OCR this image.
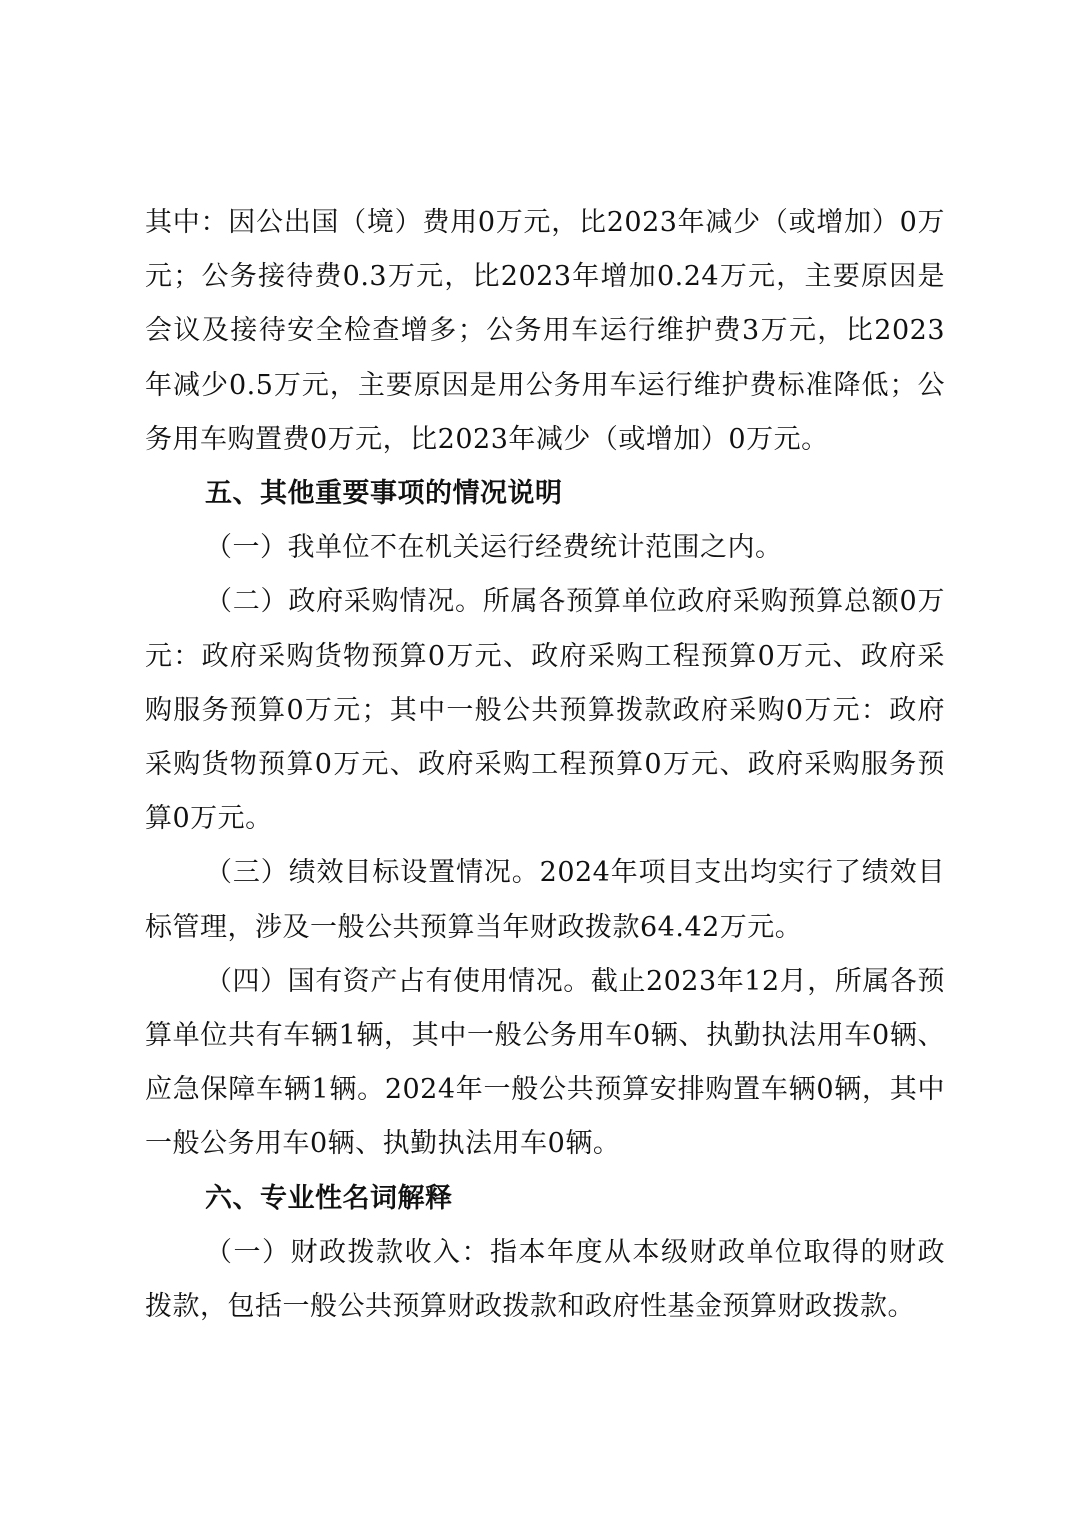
其中：因公出国（境）费用0万元，比2023年减少（或增加）0万元；公务接待费0.3万元，比2023年增加0.24万元，主要原因是会议及接待安全检查增多；公务用车运行维护费3万元，比2023年减少0.5万元，主要原因是用公务用车运行维护费标准降低；公务用车购置费0万元，比2023年减少（或增加）0万元。

五、其他重要事项的情况说明

（一）我单位不在机关运行经费统计范围之内。

（二）政府采购情况。所属各预算单位政府采购预算总额0万元：政府采购货物预算0万元、政府采购工程预算0万元、政府采购服务预算0万元；其中一般公共预算拨款政府采购0万元：政府采购货物预算0万元、政府采购工程预算0万元、政府采购服务预算0万元。

（三）绩效目标设置情况。2024年项目支出均实行了绩效目标管理，涉及一般公共预算当年财政拨款64.42万元。

（四）国有资产占有使用情况。截止2023年12月，所属各预算单位共有车辆1辆，其中一般公务用车0辆、执勤执法用车0辆、应急保障车辆1辆。2024年一般公共预算安排购置车辆0辆，其中一般公务用车0辆、执勤执法用车0辆。

六、专业性名词解释

（一）财政拨款收入：指本年度从本级财政单位取得的财政拨款，包括一般公共预算财政拨款和政府性基金预算财政拨款。
